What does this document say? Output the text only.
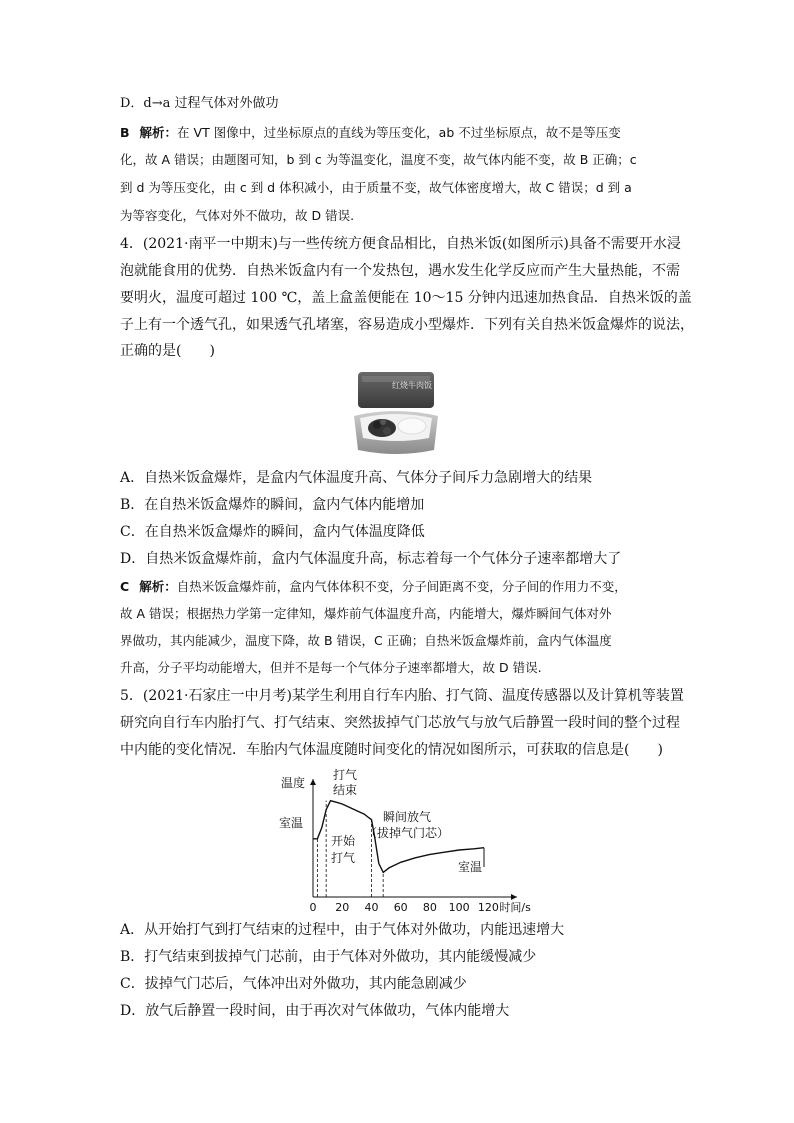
D．d→a 过程气体对外做功
B 解析：在 VT 图像中，过坐标原点的直线为等压变化，ab 不过坐标原点，故不是等压变
化，故 A 错误；由题图可知，b 到 c 为等温变化，温度不变，故气体内能不变，故 B 正确；c
到 d 为等压变化，由 c 到 d 体积减小，由于质量不变，故气体密度增大，故 C 错误；d 到 a
为等容变化，气体对外不做功，故 D 错误.
4．(2021·南平一中期末)与一些传统方便食品相比，自热米饭(如图所示)具备不需要开水浸
泡就能食用的优势．自热米饭盒内有一个发热包，遇水发生化学反应而产生大量热能，不需
要明火，温度可超过 100 ℃，盖上盒盖便能在 10～15 分钟内迅速加热食品．自热米饭的盖
子上有一个透气孔，如果透气孔堵塞，容易造成小型爆炸．下列有关自热米饭盒爆炸的说法，
正确的是(　　)
红烧牛肉饭
A．自热米饭盒爆炸，是盒内气体温度升高、气体分子间斥力急剧增大的结果
B．在自热米饭盒爆炸的瞬间，盒内气体内能增加
C．在自热米饭盒爆炸的瞬间，盒内气体温度降低
D．自热米饭盒爆炸前，盒内气体温度升高，标志着每一个气体分子速率都增大了
C 解析：自热米饭盒爆炸前，盒内气体体积不变，分子间距离不变，分子间的作用力不变，
故 A 错误；根据热力学第一定律知，爆炸前气体温度升高，内能增大，爆炸瞬间气体对外
界做功，其内能减少，温度下降，故 B 错误，C 正确；自热米饭盒爆炸前，盒内气体温度
升高，分子平均动能增大，但并不是每一个气体分子速率都增大，故 D 错误.
5．(2021·石家庄一中月考)某学生利用自行车内胎、打气筒、温度传感器以及计算机等装置
研究向自行车内胎打气、打气结束、突然拔掉气门芯放气与放气后静置一段时间的整个过程
中内能的变化情况．车胎内气体温度随时间变化的情况如图所示，可获取的信息是(　　)
温度
0 20 40 60 80 100 120 时间/s
打气
结束
室温
开始
打气
瞬间放气
（拔掉气门芯）
室温
A．从开始打气到打气结束的过程中，由于气体对外做功，内能迅速增大
B．打气结束到拔掉气门芯前，由于气体对外做功，其内能缓慢减少
C．拔掉气门芯后，气体冲出对外做功，其内能急剧减少
D．放气后静置一段时间，由于再次对气体做功，气体内能增大
